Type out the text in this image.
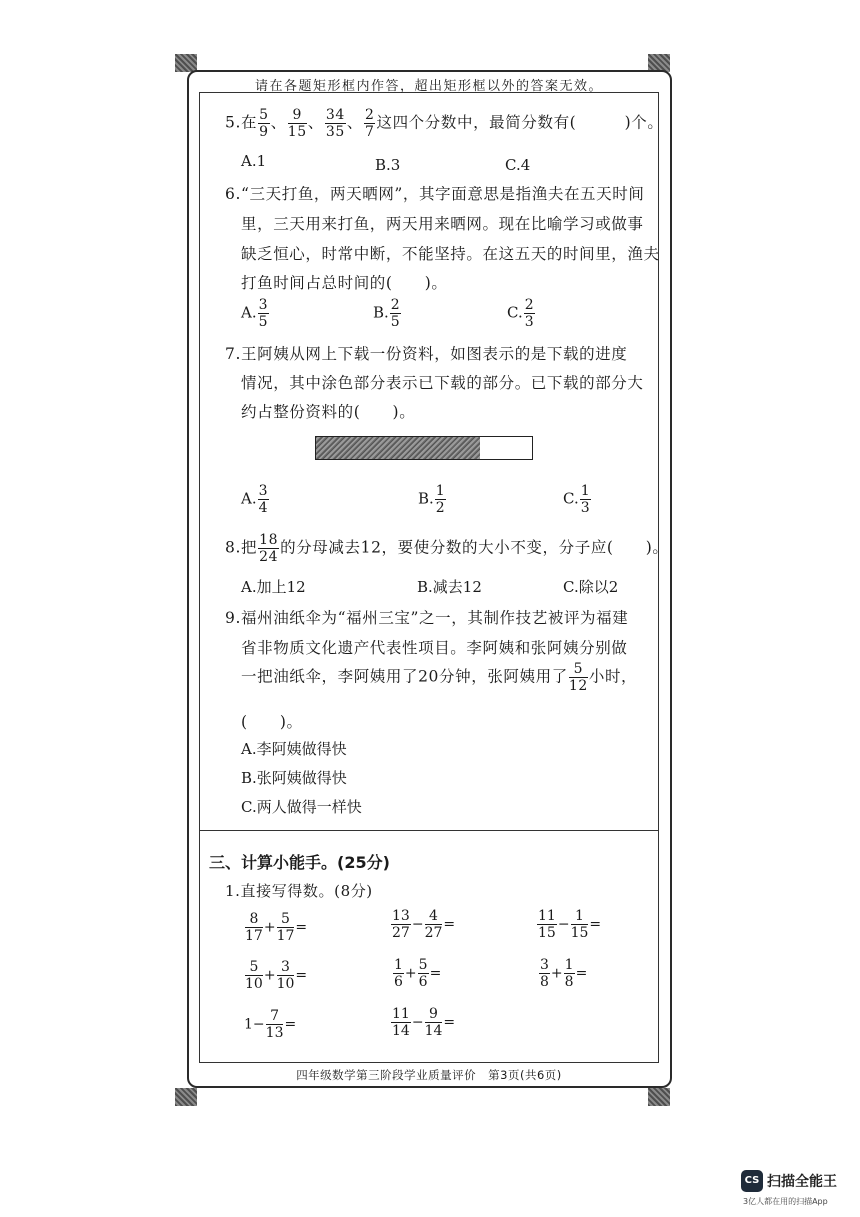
请在各题矩形框内作答，超出矩形框以外的答案无效。
5.在 $\frac{5}{9}$ 、 $\frac{9}{15}$ 、 $\frac{34}{35}$ 、 $\frac{2}{7}$ 这四个分数中，最简分数有(　　　)个。
A.1	B.3	C.4
6.“三天打鱼，两天晒网”，其字面意思是指渔夫在五天时间
里，三天用来打鱼，两天用来晒网。现在比喻学习或做事
缺乏恒心，时常中断，不能坚持。在这五天的时间里，渔夫
打鱼时间占总时间的(　　)。
A. $\frac{3}{5}$	B. $\frac{2}{5}$	C. $\frac{2}{3}$
7.王阿姨从网上下载一份资料，如图表示的是下载的进度
情况，其中涂色部分表示已下载的部分。已下载的部分大
约占整份资料的(　　)。
A. $\frac{3}{4}$	B. $\frac{1}{2}$	C. $\frac{1}{3}$
8.把 $\frac{18}{24}$ 的分母减去12，要使分数的大小不变，分子应(　　)。
A.加上12	B.减去12	C.除以2
9.福州油纸伞为“福州三宝”之一，其制作技艺被评为福建
省非物质文化遗产代表性项目。李阿姨和张阿姨分别做
一把油纸伞，李阿姨用了20分钟，张阿姨用了 $\frac{5}{12}$ 小时，
(　　)。
A.李阿姨做得快
B.张阿姨做得快
C.两人做得一样快
三、计算小能手。(25分)
1.直接写得数。(8分)
$\frac{8}{17} + \frac{5}{17}$ =	$\frac{13}{27} - \frac{4}{27}$ =	$\frac{11}{15} - \frac{1}{15}$ =
$\frac{5}{10} + \frac{3}{10}$ =	$\frac{1}{6} + \frac{5}{6}$ =	$\frac{3}{8} + \frac{1}{8}$ =
$1- \frac{7}{13}$ =	$\frac{11}{14} - \frac{9}{14}$ =
四年级数学第三阶段学业质量评价　第3页(共6页)
CS 扫描全能王
3亿人都在用的扫描App
